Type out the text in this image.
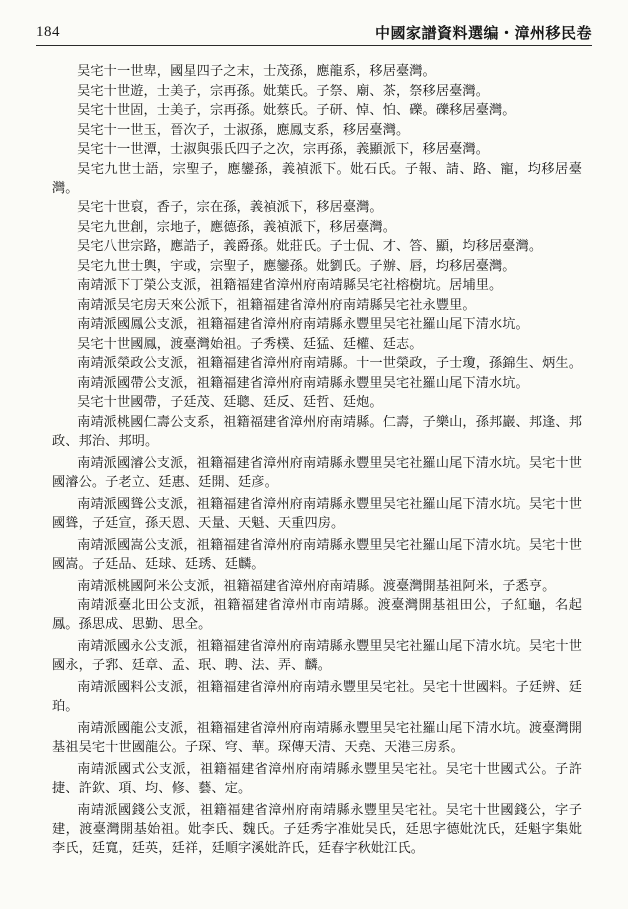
184	中國家譜資料選编・漳州移民卷

吴宅十一世卑，國星四子之末，士茂孫，應龍系，移居臺灣。

吴宅十世遊，士美子，宗再孫。妣葉氏。子祭、廟、茶，祭移居臺灣。

吴宅十世固，士美子，宗再孫。妣蔡氏。子研、悼、怕、礫。礫移居臺灣。

吴宅十一世玉，晉次子，士淑孫，應鳳支系，移居臺灣。

吴宅十一世潭，士淑與張氏四子之次，宗再孫，義顯派下，移居臺灣。

吴宅九世士語，宗聖子，應鑾孫，義禎派下。妣石氏。子報、請、路、寵，均移居臺灣。

吴宅十世裒，香子，宗在孫，義禎派下，移居臺灣。

吴宅九世創，宗地子，應德孫，義禎派下，移居臺灣。

吴宅八世宗路，應誥子，義爵孫。妣莊氏。子士侃、才、答、顯，均移居臺灣。

吴宅九世士輿，宇或，宗聖子，應鑾孫。妣劉氏。子辦、唇，均移居臺灣。

南靖派下丁榮公支派，祖籍福建省漳州府南靖縣吴宅社榕樹坑。居埔里。

南靖派吴宅房天來公派下，祖籍福建省漳州府南靖縣吴宅社永豐里。

南靖派國鳳公支派，祖籍福建省漳州府南靖縣永豐里吴宅社羅山尾下清水坑。

吴宅十世國鳳，渡臺灣始祖。子秀樸、廷猛、廷權、廷志。

南靖派榮政公支派，祖籍福建省漳州府南靖縣。十一世榮政，子士瓊，孫錦生、炳生。

南靖派國帶公支派，祖籍福建省漳州府南靖縣永豐里吴宅社羅山尾下清水坑。

吴宅十世國帶，子廷茂、廷聰、廷反、廷哲、廷炮。

南靖派桃國仁壽公支系，祖籍福建省漳州府南靖縣。仁壽，子樂山，孫邦巖、邦逢、邦政、邦治、邦明。

南靖派國濬公支派，祖籍福建省漳州府南靖縣永豐里吴宅社羅山尾下清水坑。吴宅十世國濬公。子老立、廷惠、廷開、廷彦。

南靖派國聳公支派，祖籍福建省漳州府南靖縣永豐里吴宅社羅山尾下清水坑。吴宅十世國聳，子廷宣，孫天恩、天量、天魁、天重四房。

南靖派國嵩公支派，祖籍福建省漳州府南靖縣永豐里吴宅社羅山尾下清水坑。吴宅十世國嵩。子廷品、廷球、廷琇、廷麟。

南靖派桃國阿米公支派，祖籍福建省漳州府南靖縣。渡臺灣開基祖阿米，子悉亨。

南靖派臺北田公支派，祖籍福建省漳州市南靖縣。渡臺灣開基祖田公，子紅龜，名起鳳。孫思成、思勤、思全。

南靖派國永公支派，祖籍福建省漳州府南靖縣永豐里吴宅社羅山尾下清水坑。吴宅十世國永，子郛、廷章、孟、珉、聘、法、弄、麟。

南靖派國料公支派，祖籍福建省漳州府南靖永豐里吴宅社。吴宅十世國料。子廷辨、廷珀。

南靖派國龍公支派，祖籍福建省漳州府南靖縣永豐里吴宅社羅山尾下清水坑。渡臺灣開基祖吴宅十世國龍公。子琛、穹、華。琛傳天清、天堯、天港三房系。

南靖派國式公支派，祖籍福建省漳州府南靖縣永豐里吴宅社。吴宅十世國式公。子許捷、許欽、項、均、修、藝、定。

南靖派國錢公支派，祖籍福建省漳州府南靖縣永豐里吴宅社。吴宅十世國錢公，字子建，渡臺灣開基始祖。妣李氏、魏氏。子廷秀字准妣吴氏，廷思字德妣沈氏，廷魁字集妣李氏，廷寬，廷英，廷祥，廷順字溪妣許氏，廷春字秋妣江氏。
